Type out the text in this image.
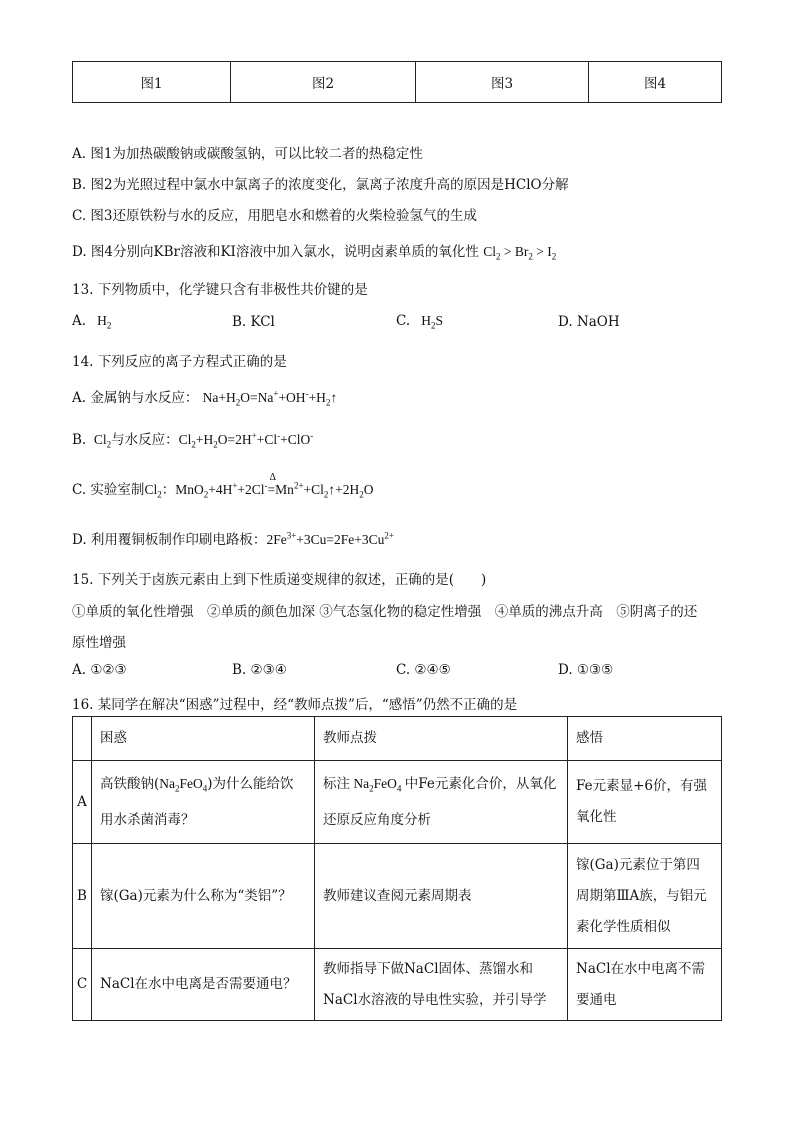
图1	图2	图3	图4
A. 图1为加热碳酸钠或碳酸氢钠，可以比较二者的热稳定性
B. 图2为光照过程中氯水中氯离子的浓度变化，氯离子浓度升高的原因是HClO分解
C. 图3还原铁粉与水的反应，用肥皂水和燃着的火柴检验氢气的生成
D. 图4分别向KBr溶液和KI溶液中加入氯水，说明卤素单质的氧化性 $Cl_2 > Br_2 > I_2$
13. 下列物质中，化学键只含有非极性共价键的是
A.   $H_2$	B. KCl	C.   $H_2S$	D. NaOH
14. 下列反应的离子方程式正确的是
A. 金属钠与水反应： $Na+H_2O=Na^++OH^-+H_2↑$
B.  $Cl_2$与水反应：$Cl_2+H_2O=2H^++Cl^-+ClO^-$
C. 实验室制$Cl_2$：MnO$_2$+4H++2Cl-
Δ
$=Mn^{2+}+Cl_2↑+2H_2O$
D. 利用覆铜板制作印刷电路板：$2Fe^{3+}+3Cu=2Fe+3Cu^{2+}$
15. 下列关于卤族元素由上到下性质递变规律的叙述，正确的是(　　)
①单质的氧化性增强　②单质的颜色加深 ③气态氢化物的稳定性增强　④单质的沸点升高　⑤阴离子的还
原性增强
A. ①②③	B. ②③④	C. ②④⑤	D. ①③⑤
16. 某同学在解决“困惑”过程中，经“教师点拨”后，“感悟”仍然不正确的是

	困惑	教师点拨	感悟

A	高铁酸钠$(Na_2FeO_4)$为什么能给饮用水杀菌消毒？	标注 $Na_2FeO_4$ 中Fe元素化合价，从氧化还原反应角度分析	Fe元素显+6价，有强氧化性

B	镓(Ga)元素为什么称为“类铝”？	教师建议查阅元素周期表	镓(Ga)元素位于第四周期第ⅢA族，与铝元素化学性质相似

C	NaCl在水中电离是否需要通电？	教师指导下做NaCl固体、蒸馏水和NaCl水溶液的导电性实验，并引导学	NaCl在水中电离不需要通电
